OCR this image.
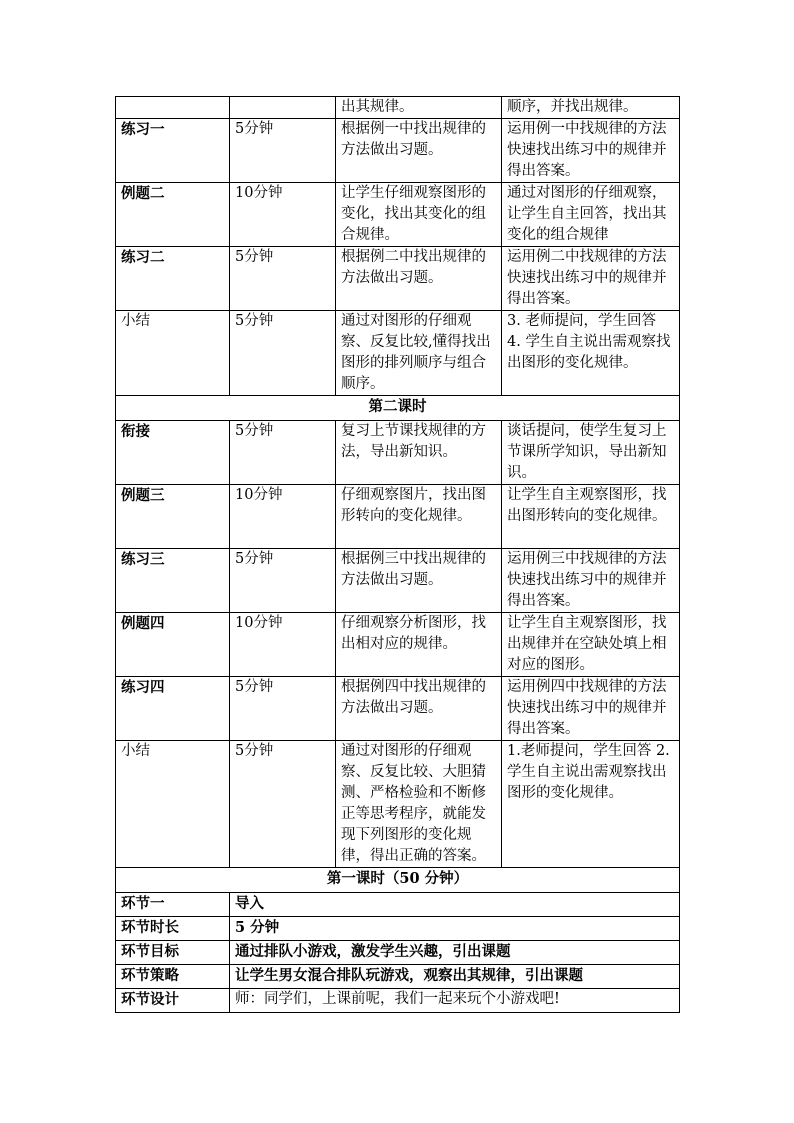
		出其规律。	顺序，并找出规律。
练习一	5分钟	根据例一中找出规律的方法做出习题。	运用例一中找规律的方法快速找出练习中的规律并得出答案。
例题二	10分钟	让学生仔细观察图形的变化，找出其变化的组合规律。	通过对图形的仔细观察，让学生自主回答，找出其变化的组合规律
练习二	5分钟	根据例二中找出规律的方法做出习题。	运用例二中找规律的方法快速找出练习中的规律并得出答案。
小结	5分钟	通过对图形的仔细观察、反复比较,懂得找出图形的排列顺序与组合顺序。	3. 老师提问，学生回答 4. 学生自主说出需观察找出图形的变化规律。
第二课时			
衔接	5分钟	复习上节课找规律的方法，导出新知识。	谈话提问，使学生复习上节课所学知识，导出新知识。
例题三	10分钟	仔细观察图片，找出图形转向的变化规律。	让学生自主观察图形，找出图形转向的变化规律。
练习三	5分钟	根据例三中找出规律的方法做出习题。	运用例三中找规律的方法快速找出练习中的规律并得出答案。
例题四	10分钟	仔细观察分析图形，找出相对应的规律。	让学生自主观察图形，找出规律并在空缺处填上相对应的图形。
练习四	5分钟	根据例四中找出规律的方法做出习题。	运用例四中找规律的方法快速找出练习中的规律并得出答案。
小结	5分钟	通过对图形的仔细观察、反复比较、大胆猜测、严格检验和不断修正等思考程序，就能发现下列图形的变化规律，得出正确的答案。	1.老师提问，学生回答 2.学生自主说出需观察找出图形的变化规律。
第一课时（50 分钟）			
环节一	导入		
环节时长	5 分钟		
环节目标	通过排队小游戏，激发学生兴趣，引出课题		
环节策略	让学生男女混合排队玩游戏，观察出其规律，引出课题		
环节设计	师：同学们，上课前呢，我们一起来玩个小游戏吧!		
